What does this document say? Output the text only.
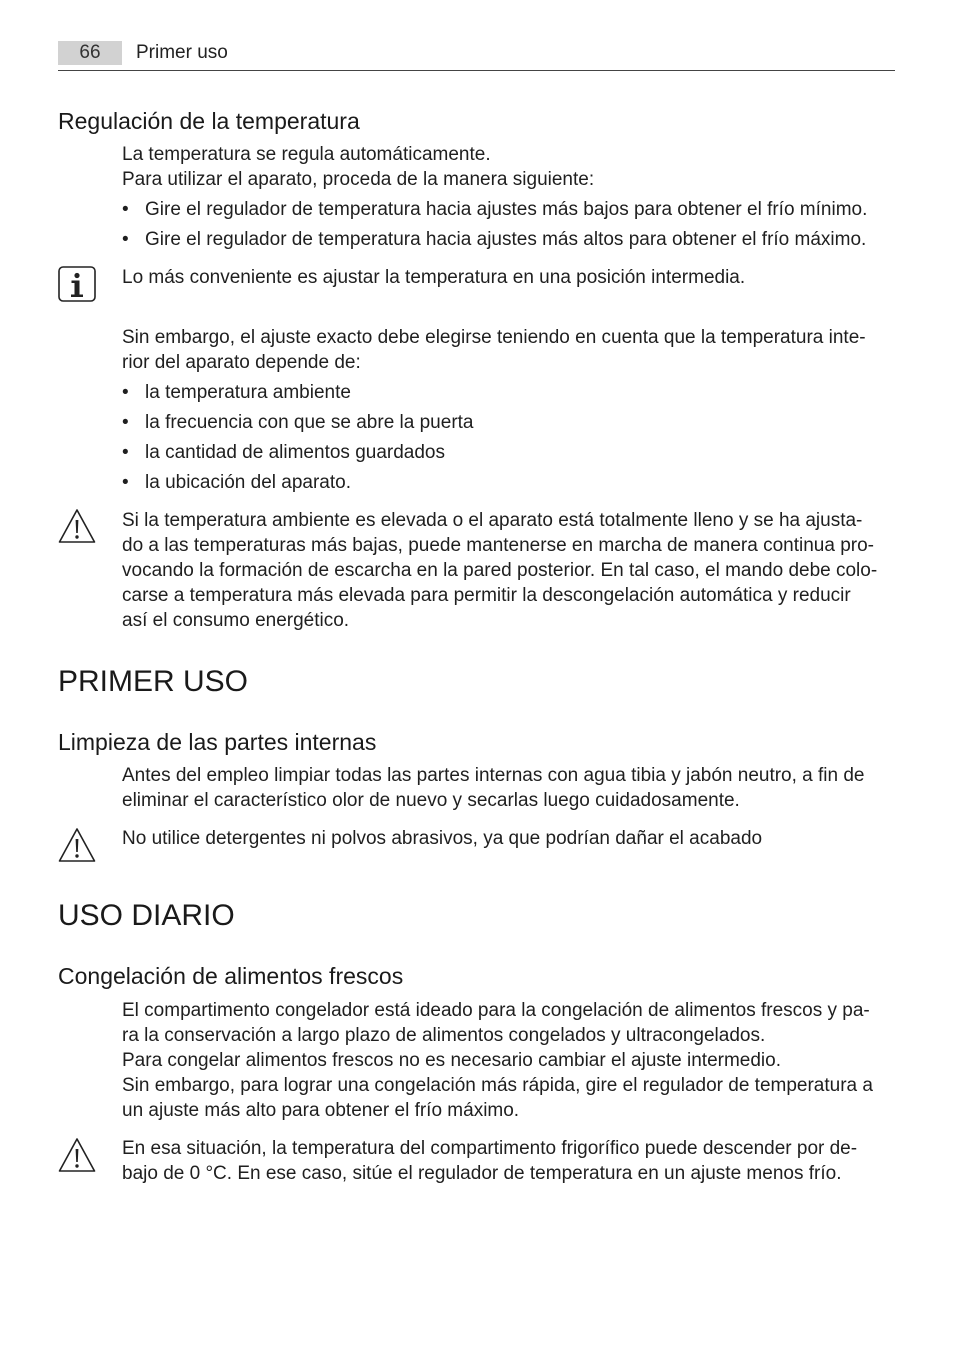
66	Primer uso
Regulación de la temperatura
La temperatura se regula automáticamente.
Para utilizar el aparato, proceda de la manera siguiente:
• Gire el regulador de temperatura hacia ajustes más bajos para obtener el frío mínimo.
• Gire el regulador de temperatura hacia ajustes más altos para obtener el frío máximo.
Lo más conveniente es ajustar la temperatura en una posición intermedia.
Sin embargo, el ajuste exacto debe elegirse teniendo en cuenta que la temperatura inte-
rior del aparato depende de:
• la temperatura ambiente
• la frecuencia con que se abre la puerta
• la cantidad de alimentos guardados
• la ubicación del aparato.
Si la temperatura ambiente es elevada o el aparato está totalmente lleno y se ha ajusta-
do a las temperaturas más bajas, puede mantenerse en marcha de manera continua pro-
vocando la formación de escarcha en la pared posterior. En tal caso, el mando debe colo-
carse a temperatura más elevada para permitir la descongelación automática y reducir
así el consumo energético.
PRIMER USO
Limpieza de las partes internas
Antes del empleo limpiar todas las partes internas con agua tibia y jabón neutro, a fin de
eliminar el característico olor de nuevo y secarlas luego cuidadosamente.
No utilice detergentes ni polvos abrasivos, ya que podrían dañar el acabado
USO DIARIO
Congelación de alimentos frescos
El compartimento congelador está ideado para la congelación de alimentos frescos y pa-
ra la conservación a largo plazo de alimentos congelados y ultracongelados.
Para congelar alimentos frescos no es necesario cambiar el ajuste intermedio.
Sin embargo, para lograr una congelación más rápida, gire el regulador de temperatura a
un ajuste más alto para obtener el frío máximo.
En esa situación, la temperatura del compartimento frigorífico puede descender por de-
bajo de 0 °C. En ese caso, sitúe el regulador de temperatura en un ajuste menos frío.
